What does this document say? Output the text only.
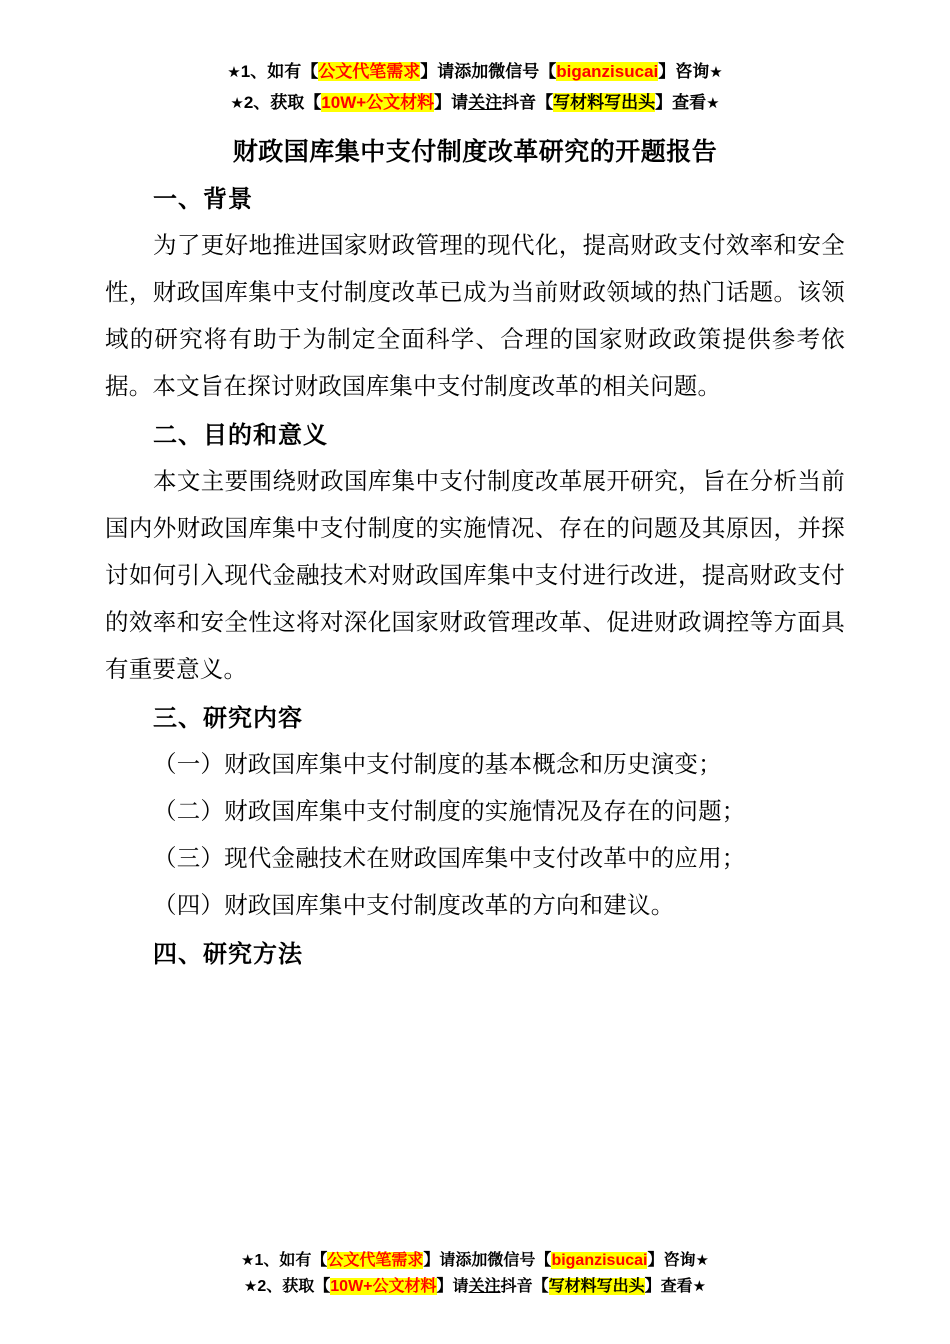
★1、如有【公文代笔需求】请添加微信号【biganzisucai】咨询★
★2、获取【10W+公文材料】请关注抖音【写材料写出头】查看★
财政国库集中支付制度改革研究的开题报告
一、背景

为了更好地推进国家财政管理的现代化，提高财政支付效率和安全性，财政国库集中支付制度改革已成为当前财政领域的热门话题。该领域的研究将有助于为制定全面科学、合理的国家财政政策提供参考依据。本文旨在探讨财政国库集中支付制度改革的相关问题。

二、目的和意义

本文主要围绕财政国库集中支付制度改革展开研究，旨在分析当前国内外财政国库集中支付制度的实施情况、存在的问题及其原因，并探讨如何引入现代金融技术对财政国库集中支付进行改进，提高财政支付的效率和安全性这将对深化国家财政管理改革、促进财政调控等方面具有重要意义。

三、研究内容

（一）财政国库集中支付制度的基本概念和历史演变；

（二）财政国库集中支付制度的实施情况及存在的问题；

（三）现代金融技术在财政国库集中支付改革中的应用；

（四）财政国库集中支付制度改革的方向和建议。

四、研究方法
★1、如有【公文代笔需求】请添加微信号【biganzisucai】咨询★
★2、获取【10W+公文材料】请关注抖音【写材料写出头】查看★
